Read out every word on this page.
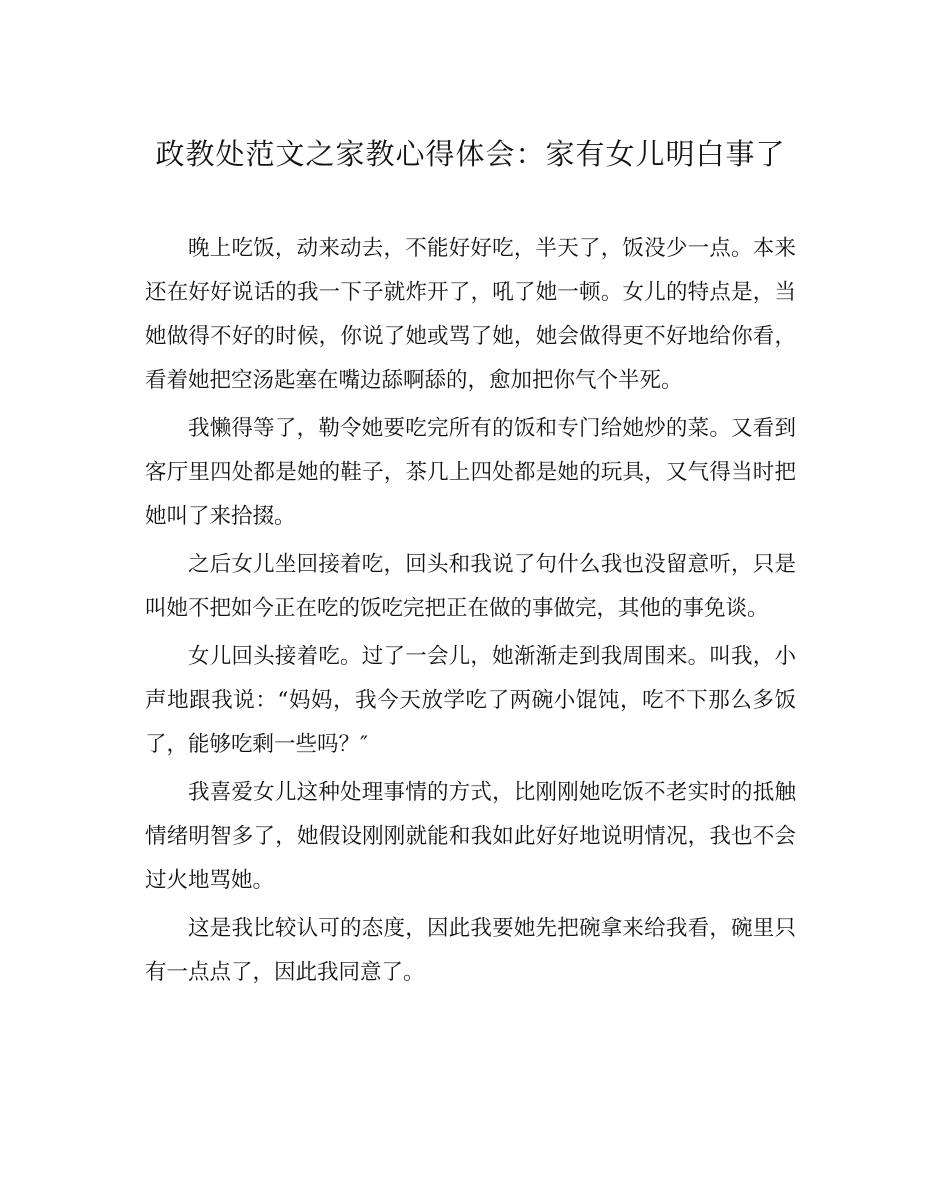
政教处范文之家教心得体会：家有女儿明白事了

晚上吃饭，动来动去，不能好好吃，半天了，饭没少一点。本来还在好好说话的我一下子就炸开了，吼了她一顿。女儿的特点是，当她做得不好的时候，你说了她或骂了她，她会做得更不好地给你看，看着她把空汤匙塞在嘴边舔啊舔的，愈加把你气个半死。

我懒得等了，勒令她要吃完所有的饭和专门给她炒的菜。又看到客厅里四处都是她的鞋子，茶几上四处都是她的玩具，又气得当时把她叫了来拾掇。

之后女儿坐回接着吃，回头和我说了句什么我也没留意听，只是叫她不把如今正在吃的饭吃完把正在做的事做完，其他的事免谈。

女儿回头接着吃。过了一会儿，她渐渐走到我周围来。叫我，小声地跟我说：“妈妈，我今天放学吃了两碗小馄饨，吃不下那么多饭了，能够吃剩一些吗？″

我喜爱女儿这种处理事情的方式，比刚刚她吃饭不老实时的抵触情绪明智多了，她假设刚刚就能和我如此好好地说明情况，我也不会过火地骂她。

这是我比较认可的态度，因此我要她先把碗拿来给我看，碗里只有一点点了，因此我同意了。
